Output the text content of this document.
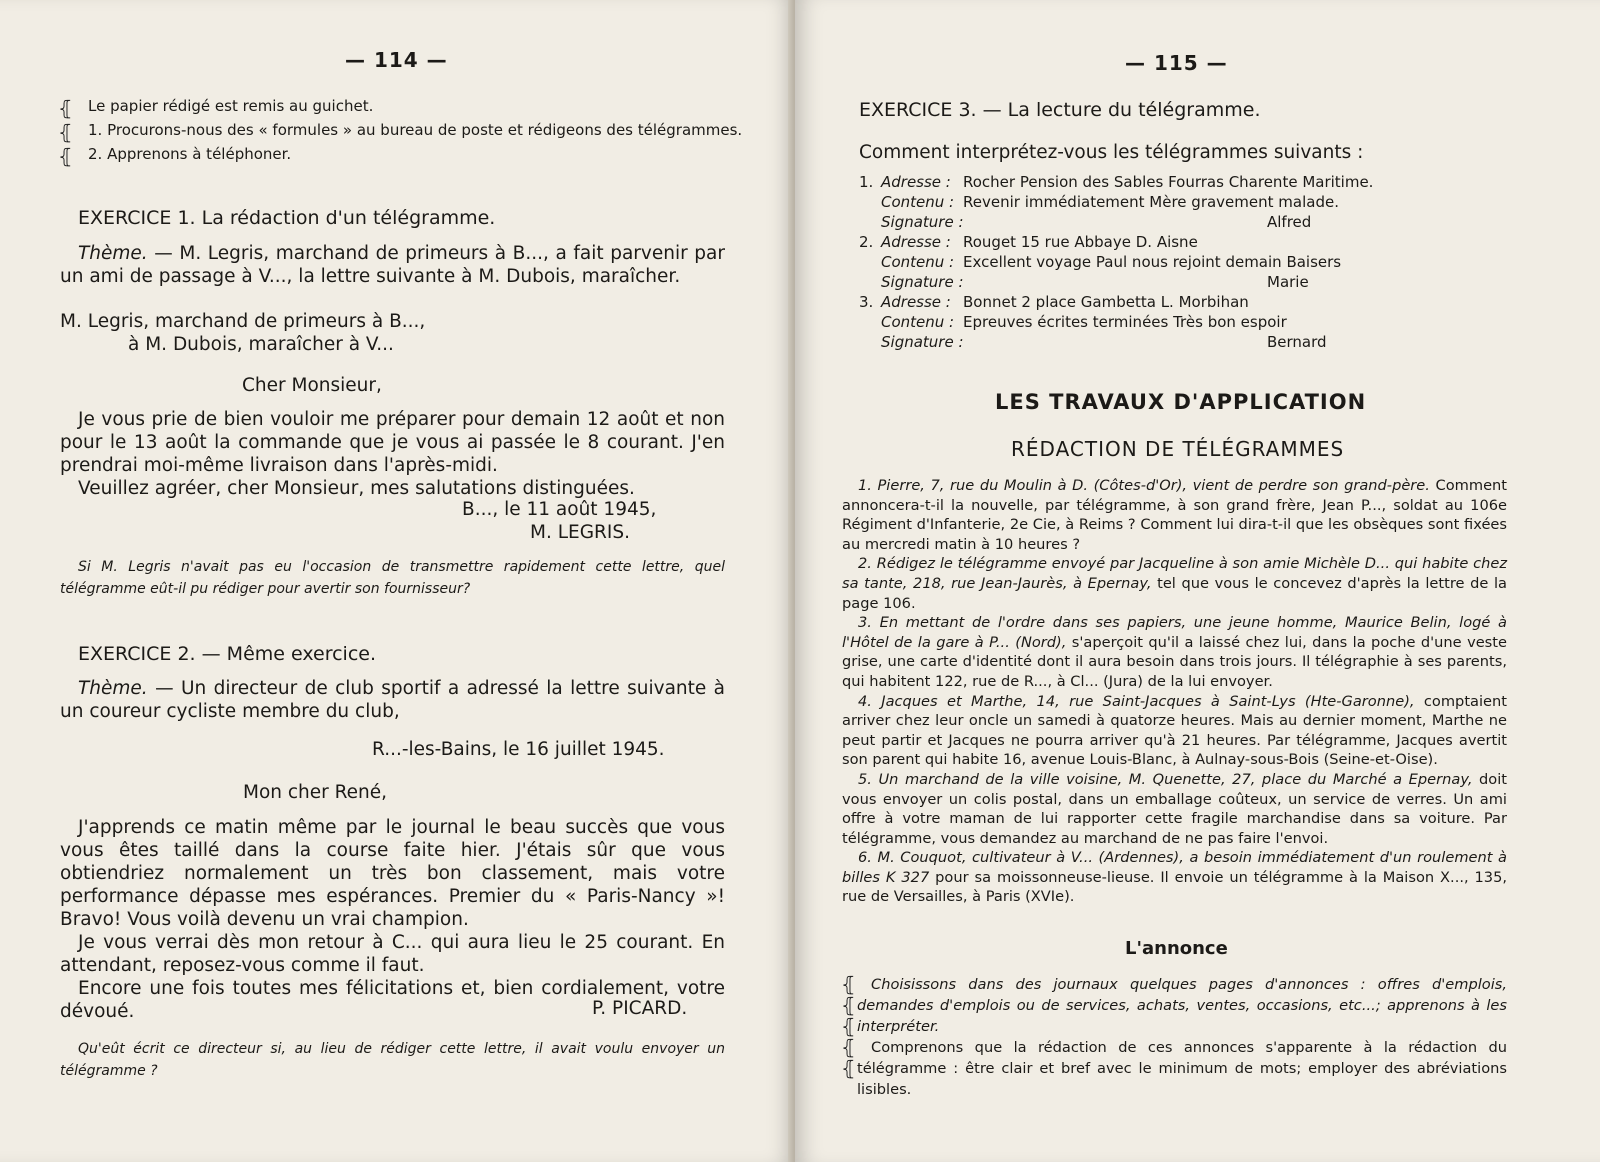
— 114 —
⦃
⦃
⦃
Le papier rédigé est remis au guichet.
1. Procurons-nous des « formules » au bureau de poste et rédigeons des télégrammes.
2. Apprenons à téléphoner.
EXERCICE 1. La rédaction d'un télégramme.

Thème. — M. Legris, marchand de primeurs à B..., a fait parvenir par un ami de passage à V..., la lettre suivante à M. Dubois, maraîcher.

M. Legris, marchand de primeurs à B...,
à M. Dubois, maraîcher à V...
Cher Monsieur,

Je vous prie de bien vouloir me préparer pour demain 12 août et non pour le 13 août la commande que je vous ai passée le 8 courant. J'en prendrai moi-même livraison dans l'après-midi.

Veuillez agréer, cher Monsieur, mes salutations distinguées.

B..., le 11 août 1945,
M. LEGRIS.

Si M. Legris n'avait pas eu l'occasion de transmettre rapidement cette lettre, quel télégramme eût-il pu rédiger pour avertir son fournisseur?

EXERCICE 2. — Même exercice.

Thème. — Un directeur de club sportif a adressé la lettre suivante à un coureur cycliste membre du club,

R...-les-Bains, le 16 juillet 1945.
Mon cher René,

J'apprends ce matin même par le journal le beau succès que vous vous êtes taillé dans la course faite hier. J'étais sûr que vous obtiendriez normalement un très bon classement, mais votre performance dépasse mes espérances. Premier du « Paris-Nancy »! Bravo! Vous voilà devenu un vrai champion.

Je vous verrai dès mon retour à C... qui aura lieu le 25 courant. En attendant, reposez-vous comme il faut.

Encore une fois toutes mes félicitations et, bien cordialement, votre dévoué.	P. PICARD.

Qu'eût écrit ce directeur si, au lieu de rédiger cette lettre, il avait voulu envoyer un télégramme ?

— 115 —
EXERCICE 3. — La lecture du télégramme.
Comment interprétez-vous les télégrammes suivants :
1. Adresse : Rocher Pension des Sables Fourras Charente Maritime.
Contenu : Revenir immédiatement Mère gravement malade.
Signature :	Alfred
2. Adresse : Rouget 15 rue Abbaye D. Aisne
Contenu : Excellent voyage Paul nous rejoint demain Baisers
Signature :	Marie
3. Adresse : Bonnet 2 place Gambetta L. Morbihan
Contenu : Epreuves écrites terminées Très bon espoir
Signature :	Bernard
LES TRAVAUX D'APPLICATION
RÉDACTION DE TÉLÉGRAMMES

1. Pierre, 7, rue du Moulin à D. (Côtes-d'Or), vient de perdre son grand-père. Comment annoncera-t-il la nouvelle, par télégramme, à son grand frère, Jean P..., soldat au 106e Régiment d'Infanterie, 2e Cie, à Reims ? Comment lui dira-t-il que les obsèques sont fixées au mercredi matin à 10 heures ?

2. Rédigez le télégramme envoyé par Jacqueline à son amie Michèle D... qui habite chez sa tante, 218, rue Jean-Jaurès, à Epernay, tel que vous le concevez d'après la lettre de la page 106.

3. En mettant de l'ordre dans ses papiers, une jeune homme, Maurice Belin, logé à l'Hôtel de la gare à P... (Nord), s'aperçoit qu'il a laissé chez lui, dans la poche d'une veste grise, une carte d'identité dont il aura besoin dans trois jours. Il télégraphie à ses parents, qui habitent 122, rue de R..., à Cl... (Jura) de la lui envoyer.

4. Jacques et Marthe, 14, rue Saint-Jacques à Saint-Lys (Hte-Garonne), comptaient arriver chez leur oncle un samedi à quatorze heures. Mais au dernier moment, Marthe ne peut partir et Jacques ne pourra arriver qu'à 21 heures. Par télégramme, Jacques avertit son parent qui habite 16, avenue Louis-Blanc, à Aulnay-sous-Bois (Seine-et-Oise).

5. Un marchand de la ville voisine, M. Quenette, 27, place du Marché a Epernay, doit vous envoyer un colis postal, dans un emballage coûteux, un service de verres. Un ami offre à votre maman de lui rapporter cette fragile marchandise dans sa voiture. Par télégramme, vous demandez au marchand de ne pas faire l'envoi.

6. M. Couquot, cultivateur à V... (Ardennes), a besoin immédiatement d'un roulement à billes K 327 pour sa moissonneuse-lieuse. Il envoie un télégramme à la Maison X..., 135, rue de Versailles, à Paris (XVIe).

L'annonce
⦃
⦃
⦃
⦃
⦃

Choisissons dans des journaux quelques pages d'annonces : offres d'emplois, demandes d'emplois ou de services, achats, ventes, occasions, etc...; apprenons à les interpréter.

Comprenons que la rédaction de ces annonces s'apparente à la rédaction du télégramme : être clair et bref avec le minimum de mots; employer des abréviations lisibles.
